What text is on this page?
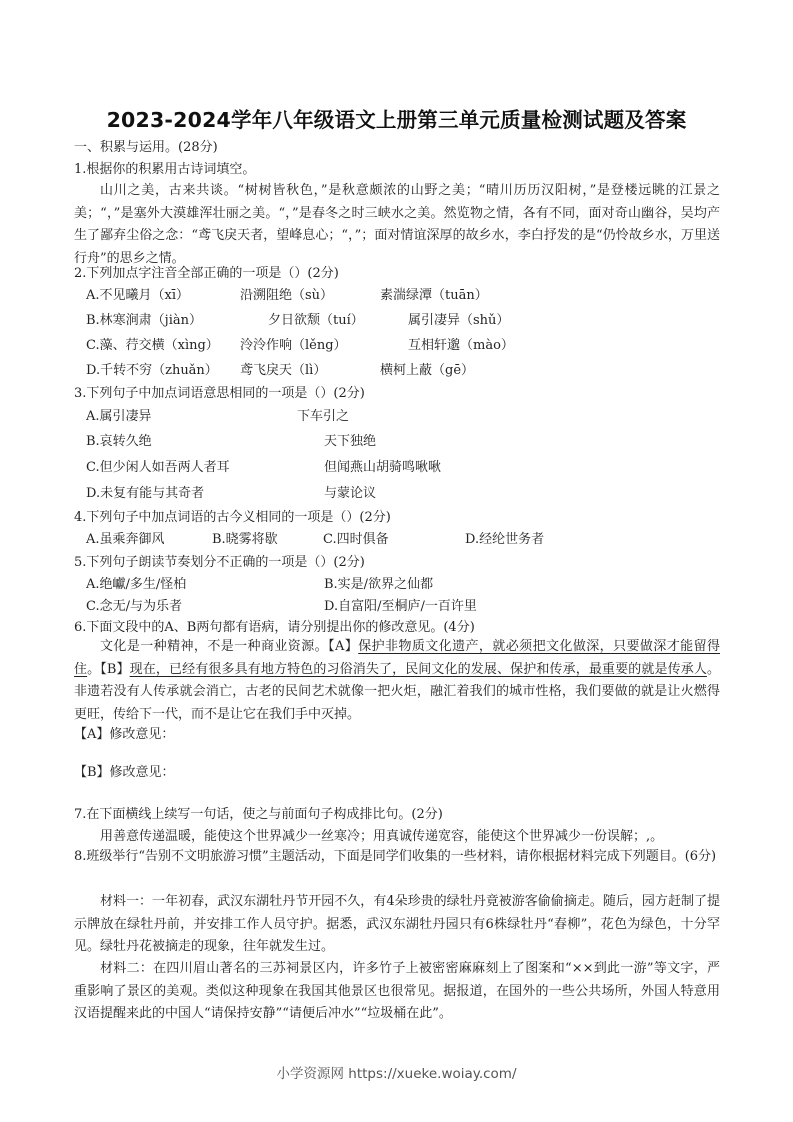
2023-2024学年八年级语文上册第三单元质量检测试题及答案
一、积累与运用。(28分)
1.根据你的积累用古诗词填空。
山川之美，古来共谈。“树树皆秋色，”是秋意颇浓的山野之美；“晴川历历汉阳树，”是登楼远眺的江景之美；“，”是塞外大漠雄浑壮丽之美。“，”是春冬之时三峡水之美。然览物之情，各有不同，面对奇山幽谷，吴均产生了鄙弃尘俗之念：“鸢飞戾天者，望峰息心；“，”；面对情谊深厚的故乡水，李白抒发的是“仍怜故乡水，万里送行舟”的思乡之情。
2.下列加点字注音全部正确的一项是（）(2分)
A.不见曦月（xī）	沿溯阻绝（sù）	素湍绿潭（tuān）
B.林寒涧肃（jiàn）	夕日欲颓（tuí）	属引凄异（shǔ）
C.藻、荇交横（xìng） 泠泠作响（lěng）	互相轩邈（mào）
D.千转不穷（zhuǎn） 鸢飞戾天（lì）	横柯上蔽（gē）
3.下列句子中加点词语意思相同的一项是（）(2分)
A.属引凄异	下车引之
B.哀转久绝	天下独绝
C.但少闲人如吾两人者耳	但闻燕山胡骑鸣啾啾
D.未复有能与其奇者	与蒙论议
4.下列句子中加点词语的古今义相同的一项是（）(2分)
A.虽乘奔御风	B.晓雾将歇	C.四时俱备	D.经纶世务者
5.下列句子朗读节奏划分不正确的一项是（）(2分)
A.绝巘/多生/怪柏	B.实是/欲界之仙都
C.念无/与为乐者	D.自富阳/至桐庐/一百许里
6.下面文段中的A、B两句都有语病，请分别提出你的修改意见。(4分)
文化是一种精神，不是一种商业资源。【A】保护非物质文化遗产，就必须把文化做深，只要做深才能留得住。【B】现在，已经有很多具有地方特色的习俗消失了，民间文化的发展、保护和传承，最重要的就是传承人。非遗若没有人传承就会消亡，古老的民间艺术就像一把火炬，融汇着我们的城市性格，我们要做的就是让火燃得更旺，传给下一代，而不是让它在我们手中灭掉。
【A】修改意见：
【B】修改意见：
7.在下面横线上续写一句话，使之与前面句子构成排比句。(2分)
用善意传递温暖，能使这个世界减少一丝寒冷；用真诚传递宽容，能使这个世界减少一份误解；,。
8.班级举行“告别不文明旅游习惯”主题活动，下面是同学们收集的一些材料，请你根据材料完成下列题目。(6分)
材料一：一年初春，武汉东湖牡丹节开园不久，有4朵珍贵的绿牡丹竟被游客偷偷摘走。随后，园方赶制了提示牌放在绿牡丹前，并安排工作人员守护。据悉，武汉东湖牡丹园只有6株绿牡丹“春柳”，花色为绿色，十分罕见。绿牡丹花被摘走的现象，往年就发生过。
材料二：在四川眉山著名的三苏祠景区内，许多竹子上被密密麻麻刻上了图案和“××到此一游”等文字，严重影响了景区的美观。类似这种现象在我国其他景区也很常见。据报道，在国外的一些公共场所，外国人特意用汉语提醒来此的中国人“请保持安静”“请便后冲水”“垃圾桶在此”。
小学资源网 https://xueke.woiay.com/
